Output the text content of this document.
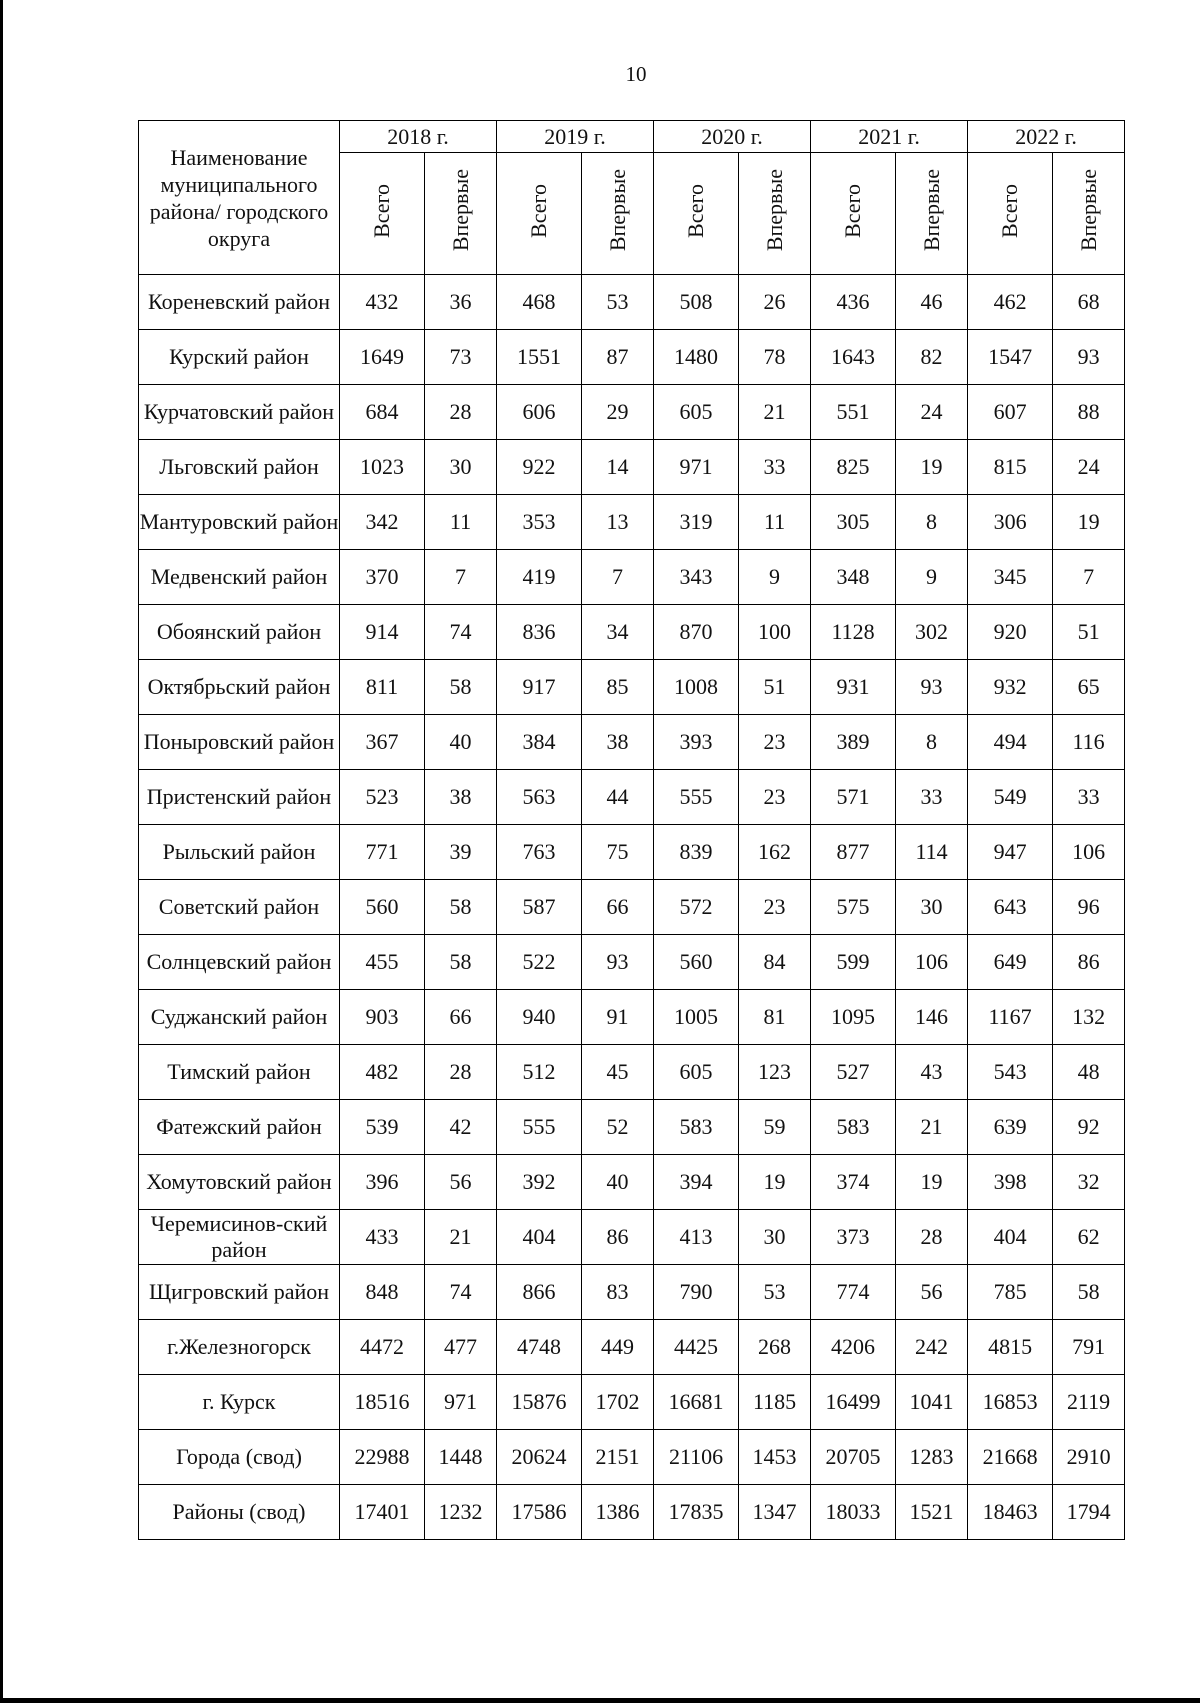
10
Наименование муниципального района/ городского округа	2018 г.		2019 г.		2020 г.		2021 г.		2022 г.	
	Всего	Впервые	Всего	Впервые	Всего	Впервые	Всего	Впервые	Всего	Впервые
Кореневский район	432	36	468	53	508	26	436	46	462	68
Курский район	1649	73	1551	87	1480	78	1643	82	1547	93
Курчатовский район	684	28	606	29	605	21	551	24	607	88
Льговский район	1023	30	922	14	971	33	825	19	815	24
Мантуровский район	342	11	353	13	319	11	305	8	306	19
Медвенский район	370	7	419	7	343	9	348	9	345	7
Обоянский район	914	74	836	34	870	100	1128	302	920	51
Октябрьский район	811	58	917	85	1008	51	931	93	932	65
Поныровский район	367	40	384	38	393	23	389	8	494	116
Пристенский район	523	38	563	44	555	23	571	33	549	33
Рыльский район	771	39	763	75	839	162	877	114	947	106
Советский район	560	58	587	66	572	23	575	30	643	96
Солнцевский район	455	58	522	93	560	84	599	106	649	86
Суджанский район	903	66	940	91	1005	81	1095	146	1167	132
Тимский район	482	28	512	45	605	123	527	43	543	48
Фатежский район	539	42	555	52	583	59	583	21	639	92
Хомутовский район	396	56	392	40	394	19	374	19	398	32
Черемисинов-ский район	433	21	404	86	413	30	373	28	404	62
Щигровский район	848	74	866	83	790	53	774	56	785	58
г.Железногорск	4472	477	4748	449	4425	268	4206	242	4815	791
г. Курск	18516	971	15876	1702	16681	1185	16499	1041	16853	2119
Города (свод)	22988	1448	20624	2151	21106	1453	20705	1283	21668	2910
Районы (свод)	17401	1232	17586	1386	17835	1347	18033	1521	18463	1794
